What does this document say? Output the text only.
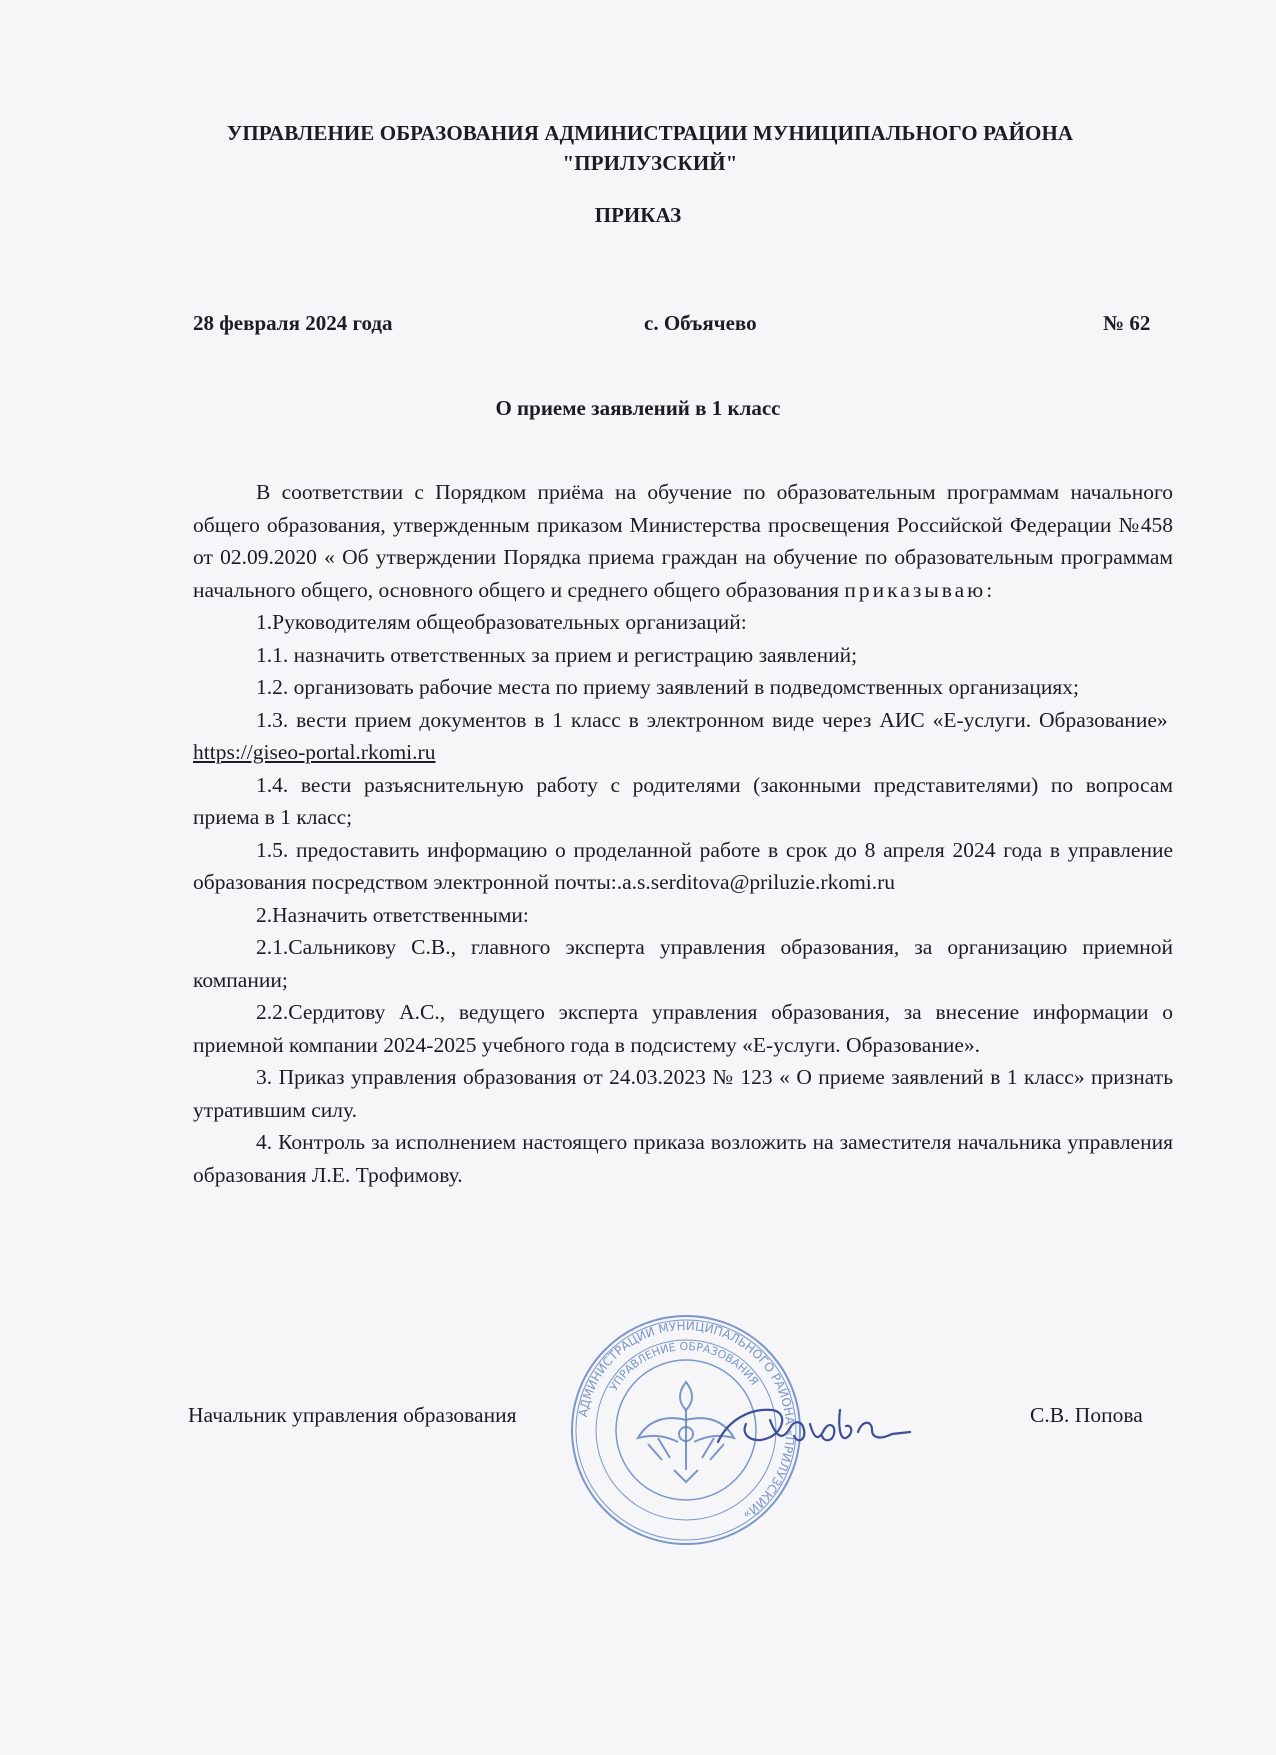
УПРАВЛЕНИЕ ОБРАЗОВАНИЯ АДМИНИСТРАЦИИ МУНИЦИПАЛЬНОГО РАЙОНА
"ПРИЛУЗСКИЙ"
ПРИКАЗ
28 февраля 2024 года	с. Объячево	№ 62
О приеме заявлений в 1 класс

В соответствии с Порядком приёма на обучение по образовательным программам начального общего образования, утвержденным приказом Министерства просвещения Российской Федерации №458 от 02.09.2020 « Об утверждении Порядка приема граждан на обучение по образовательным программам начального общего, основного общего и среднего общего образования приказываю:

1.Руководителям общеобразовательных организаций:

1.1. назначить ответственных за прием и регистрацию заявлений;

1.2. организовать рабочие места по приему заявлений в подведомственных организациях;

1.3. вести прием документов в 1 класс в электронном виде через АИС «Е-услуги. Образование»  https://giseo-portal.rkomi.ru

1.4. вести разъяснительную работу с родителями (законными представителями) по вопросам приема в 1 класс;

1.5. предоставить информацию о проделанной работе в срок до 8 апреля 2024 года в управление образования посредством электронной почты:.a.s.serditova@priluzie.rkomi.ru

2.Назначить ответственными:

2.1.Сальникову С.В., главного эксперта управления образования, за организацию приемной компании;

2.2.Сердитову А.С., ведущего эксперта управления образования, за внесение информации о приемной компании 2024-2025 учебного года в подсистему «Е-услуги. Образование».

3. Приказ управления образования от 24.03.2023 № 123 « О приеме заявлений в 1 класс» признать утратившим силу.

4. Контроль за исполнением настоящего приказа возложить на заместителя начальника управления образования Л.Е. Трофимову.

Начальник управления образования	С.В. Попова
АДМИНИСТРАЦИИ МУНИЦИПАЛЬНОГО РАЙОНА «ПРИЛУЗСКИЙ»
УПРАВЛЕНИЕ ОБРАЗОВАНИЯ
